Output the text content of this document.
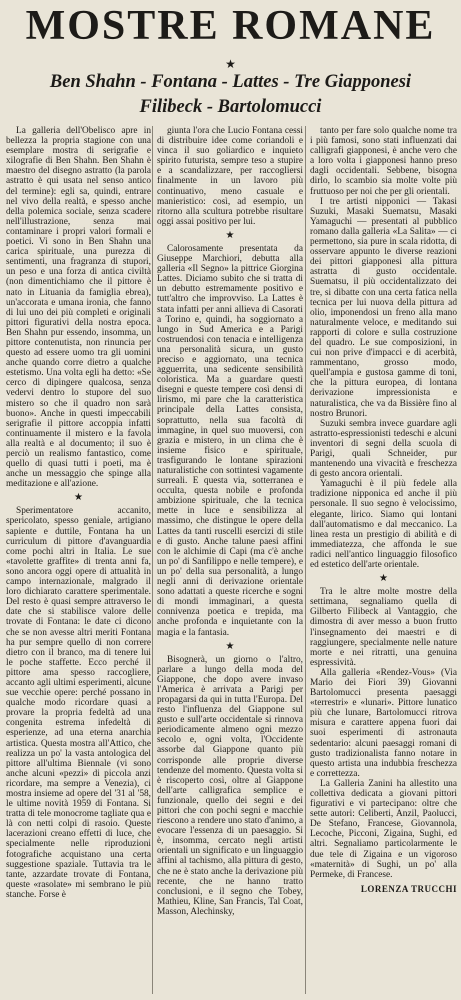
MOSTRE ROMANE
★
Ben Shahn - Fontana - Lattes - Tre Giapponesi
Filibeck - Bartolomucci

La galleria dell'Obelisco apre in bellezza la propria stagione con una esemplare mostra di serigrafie e xilografie di Ben Shahn. Ben Shahn è maestro del disegno astratto (la parola astratto è qui usata nel senso antico del termine): egli sa, quindi, entrare nel vivo della realtà, e spesso anche della polemica sociale, senza scadere nell'illustrazione, senza mai contaminare i propri valori formali e poetici. Vi sono in Ben Shahn una carica spirituale, una purezza di sentimenti, una fragranza di stupori, un peso e una forza di antica civiltà (non dimentichiamo che il pittore è nato in Lituania da famiglia ebrea), un'accorata e umana ironia, che fanno di lui uno dei più completi e originali pittori figurativi della nostra epoca. Ben Shahn pur essendo, insomma, un pittore contenutista, non rinuncia per questo ad essere uomo tra gli uomini anche quando corre dietro a qualche estetismo. Una volta egli ha detto: «Se cerco di dipingere qualcosa, senza vedervi dentro lo stupore del suo mistero so che il quadro non sarà buono». Anche in questi impeccabili serigrafie il pittore accoppia infatti continuamente il mistero e la favola alla realtà e al documento; il suo è perciò un realismo fantastico, come quello di quasi tutti i poeti, ma è anche un messaggio che spinge alla meditazione e all'azione.

★

Sperimentatore accanito, spericolato, spesso geniale, artigiano sapiente e duttile, Fontana ha un curriculum di pittore d'avanguardia come pochi altri in Italia. Le sue «tavolette graffite» di trenta anni fa, sono ancora oggi opere di attualità in campo internazionale, malgrado il loro dichiarato carattere sperimentale. Del resto è quasi sempre attraverso le date che si stabilisce valore delle trovate di Fontana: le date ci dicono che se non avesse altri meriti Fontana ha pur sempre quello di non correre dietro con il branco, ma di tenere lui le poche staffette. Ecco perché il pittore ama spesso raccogliere, accanto agli ultimi esperimenti, alcune sue vecchie opere: perché possano in qualche modo ricordare quasi a provare la propria fedeltà ad una congenita estrema infedeltà di esperienze, ad una eterna anarchia artistica. Questa mostra all'Attico, che realizza un po' la vasta antologica del pittore all'ultima Biennale (vi sono anche alcuni «pezzi» di piccola anzi ricordare, ma sempre a Venezia), ci mostra insieme ad opere del '31 al '58, le ultime novità 1959 di Fontana. Si tratta di tele monocrome tagliate qua e là con netti colpi di rasoio. Queste lacerazioni creano effetti di luce, che specialmente nelle riproduzioni fotografiche acquistano una certa suggestione spaziale. Tuttavia tra le tante, azzardate trovate di Fontana, queste «rasolate» mi sembrano le più stanche. Forse è

giunta l'ora che Lucio Fontana cessi di distribuire idee come coriandoli e vinca il suo goliardico e inquieto spirito futurista, sempre teso a stupire e a scandalizzare, per raccogliersi finalmente in un lavoro più continuativo, meno casuale e manieristico: così, ad esempio, un ritorno alla scultura potrebbe risultare oggi assai positivo per lui.

★

Calorosamente presentata da Giuseppe Marchiori, debutta alla galleria «Il Segno» la pittrice Giorgina Lattes. Diciamo subito che si tratta di un debutto estremamente positivo e tutt'altro che improvviso. La Lattes è stata infatti per anni allieva di Casorati a Torino e, quindi, ha soggiornato a lungo in Sud America e a Parigi costruendosi con tenacia e intelligenza una personalità sicura, un gusto preciso e aggiornato, una tecnica agguerrita, una sedicente sensibilità coloristica. Ma a guardare questi disegni e queste tempere così densi di lirismo, mi pare che la caratteristica principale della Lattes consista, soprattutto, nella sua facoltà di immagine, in quel suo muoversi, con grazia e mistero, in un clima che è insieme fisico e spirituale, trasfigurando le lontane spirazioni naturalistiche con sottintesi vagamente surreali. E questa via, sotterranea e occulta, questa nobile e profonda ambizione spirituale, che la tecnica mette in luce e sensibilizza al massimo, che distingue le opere della Lattes da tanti ruscelli esercizi di stile e di gusto. Anche talune paesi affini con le alchimie di Capi (ma c'è anche un po' di Sanfilippo e nelle tempere), e un po' della sua personalità, a lungo negli anni di derivazione orientale sono adattati a queste ricerche e sogni di mondi immaginari, a questa connivenza poetica e trepida, ma anche profonda e inquietante con la magia e la fantasia.

★

Bisognerà, un giorno o l'altro, parlare a lungo della moda del Giappone, che dopo avere invaso l'America è arrivata a Parigi per propagarsi da qui in tutta l'Europa. Del resto l'influenza del Giappone sul gusto e sull'arte occidentale si rinnova periodicamente almeno ogni mezzo secolo e, ogni volta, l'Occidente assorbe dal Giappone quanto più corrisponde alle proprie diverse tendenze del momento. Questa volta si è riscoperto così, oltre al Giappone dell'arte calligrafica semplice e funzionale, quello dei segni e dei pittori che con pochi segni e macchie riescono a rendere uno stato d'animo, a evocare l'essenza di un paesaggio. Si è, insomma, cercato negli artisti orientali un significato e un linguaggio affini al tachismo, alla pittura di gesto, che ne è stato anche la derivazione più recente, che ne hanno tratto conclusioni, e il segno che Tobey, Mathieu, Kline, San Francis, Tal Coat, Masson, Alechinsky,

tanto per fare solo qualche nome tra i più famosi, sono stati influenzati dai calligrafi giapponesi, è anche vero che a loro volta i giapponesi hanno preso dagli occidentali. Sebbene, bisogna dirlo, lo scambio sia molte volte più fruttuoso per noi che per gli orientali.

I tre artisti nipponici — Takasi Suzuki, Masaki Suematsu, Masaki Yamaguchi — presentati al pubblico romano dalla galleria «La Salita» — ci permettono, sia pure in scala ridotta, di osservare appunto le diverse reazioni dei pittori giapponesi alla pittura astratta di gusto occidentale. Suematsu, il più occidentalizzato dei tre, si dibatte con una certa fatica nella tecnica per lui nuova della pittura ad olio, imponendosi un freno alla mano naturalmente veloce, e meditando sui rapporti di colore e sulla costruzione del quadro. Le sue composizioni, in cui non prive d'impacci e di acerbità, rammentano, grosso modo, quell'ampia e gustosa gamme di toni, che la pittura europea, di lontana derivazione impressionista e naturalistica, che va da Bissière fino al nostro Brunori.

Suzuki sembra invece guardare agli astratto-espressionisti tedeschi e alcuni inventori di segni della scuola di Parigi, quali Schneider, pur mantenendo una vivacità e freschezza di gesto ancora orientali.

Yamaguchi è il più fedele alla tradizione nipponica ed anche il più personale. Il suo segno è velocissimo, elegante, lirico. Siamo qui lontani dall'automatismo e dal meccanico. La linea resta un prestigio di abilità e di immediatezza, che affonda le sue radici nell'antico linguaggio filosofico ed estetico dell'arte orientale.

★

Tra le altre molte mostre della settimana, segnaliamo quella di Gilberto Filibeck al Vantaggio, che dimostra di aver messo a buon frutto l'insegnamento dei maestri e di raggiungere, specialmente nelle nature morte e nei ritratti, una genuina espressività.

Alla galleria «Rendez-Vous» (Via Mario dei Fiori 39) Giovanni Bartolomucci presenta paesaggi «terrestri» e «lunari». Pittore lunatico più che lunare, Bartolomucci ritrova misura e carattere appena fuori dai suoi esperimenti di astronauta sedentario: alcuni paesaggi romani di gusto tradizionalista fanno notare in questo artista una indubbia freschezza e correttezza.

La Galleria Zanini ha allestito una collettiva dedicata a giovani pittori figurativi e vi partecipano: oltre che sette autori: Celiberti, Anzil, Paolucci, De Stefano, Francese, Giovannola, Lecoche, Picconi, Zigaina, Sughi, ed altri. Segnaliamo particolarmente le due tele di Zigaina e un vigoroso «maternità» di Sughi, un po' alla Permeke, di Francese.

LORENZA TRUCCHI
